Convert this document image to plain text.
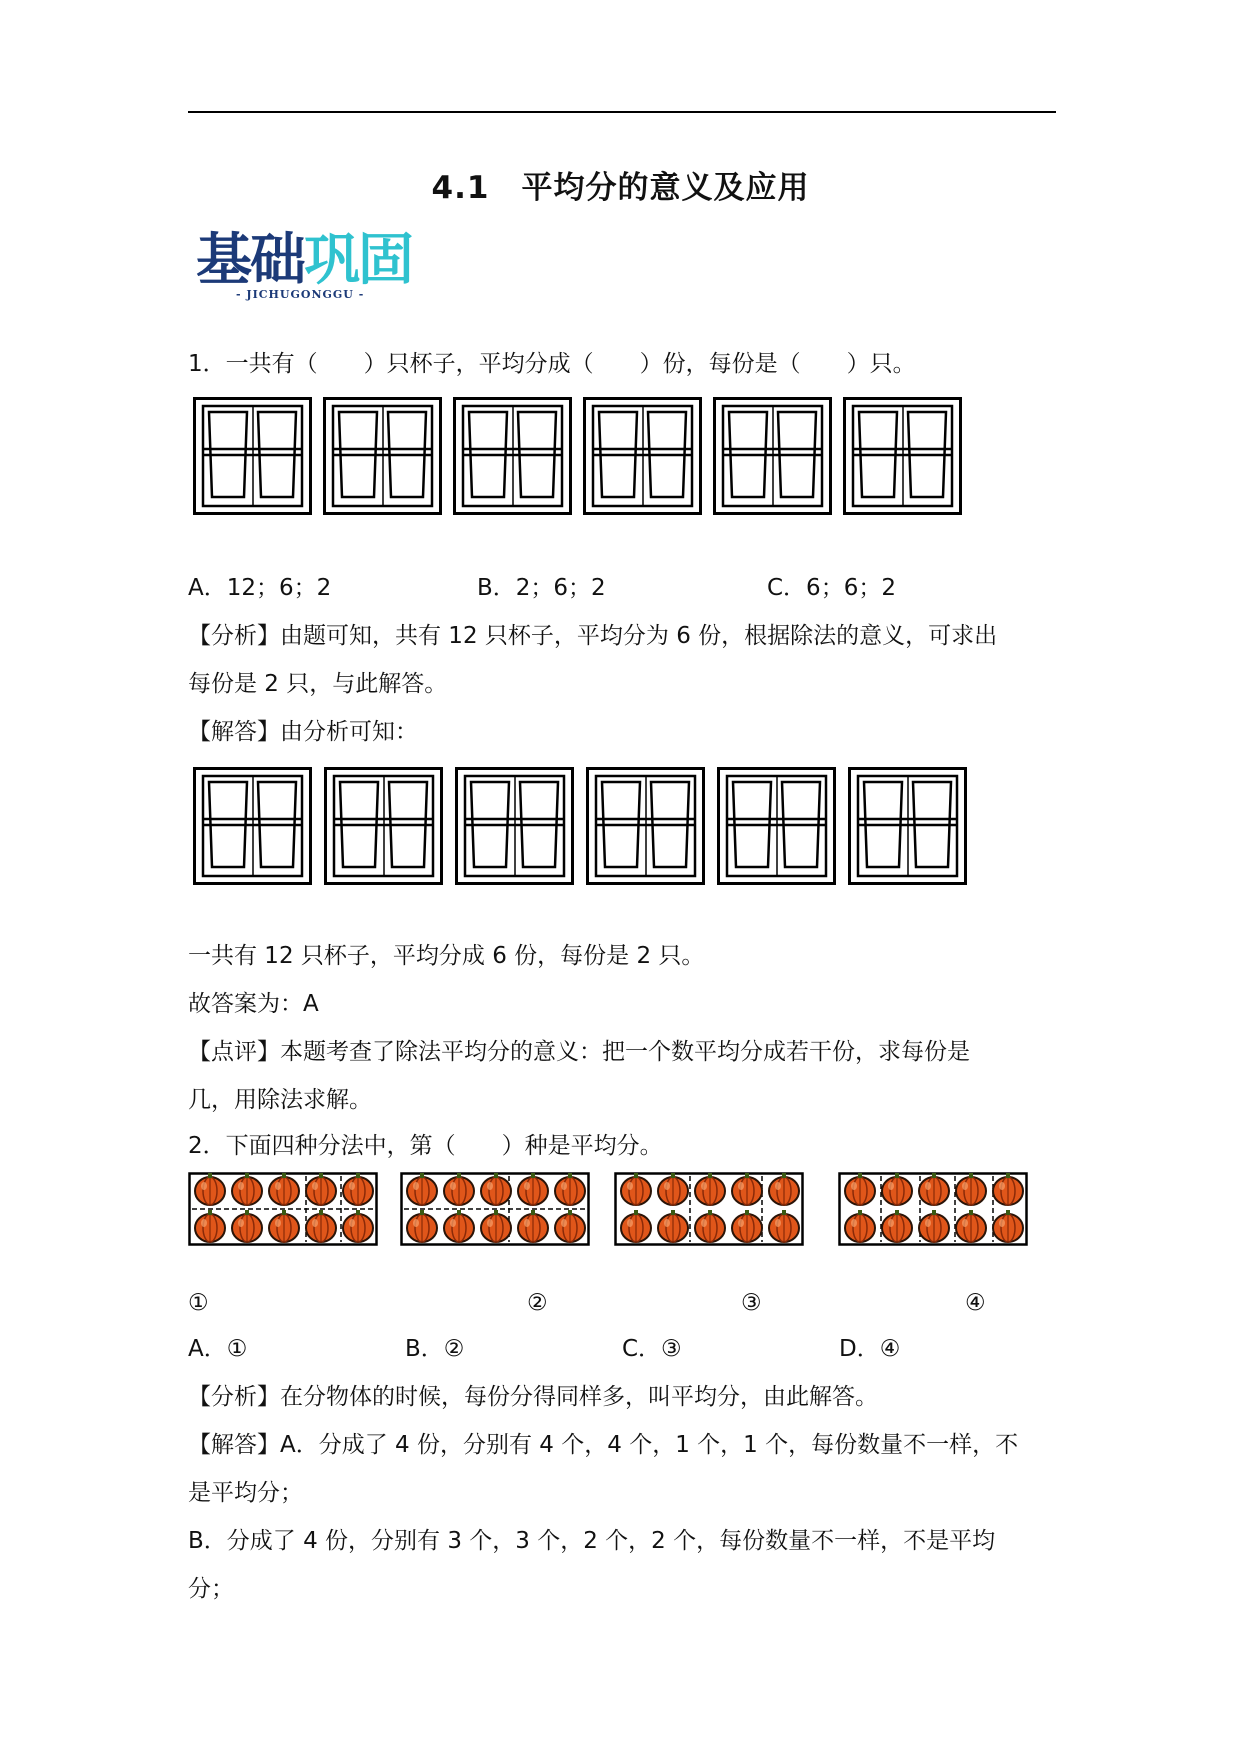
4.1　平均分的意义及应用
基础巩固
- JICHUGONGGU -
1．一共有（　　）只杯子，平均分成（　　）份，每份是（　　）只。
A．12；6；2	B．2；6；2	C．6；6；2
【分析】由题可知，共有 12 只杯子，平均分为 6 份，根据除法的意义，可求出
每份是 2 只，与此解答。
【解答】由分析可知：
一共有 12 只杯子，平均分成 6 份，每份是 2 只。
故答案为：A
【点评】本题考查了除法平均分的意义：把一个数平均分成若干份，求每份是
几，用除法求解。
2．下面四种分法中，第（　　）种是平均分。
①	②	③	④
A．①	B．②	C．③	D．④
【分析】在分物体的时候，每份分得同样多，叫平均分，由此解答。
【解答】A．分成了 4 份，分别有 4 个，4 个，1 个，1 个，每份数量不一样，不
是平均分；
B．分成了 4 份，分别有 3 个，3 个，2 个，2 个，每份数量不一样，不是平均
分；
